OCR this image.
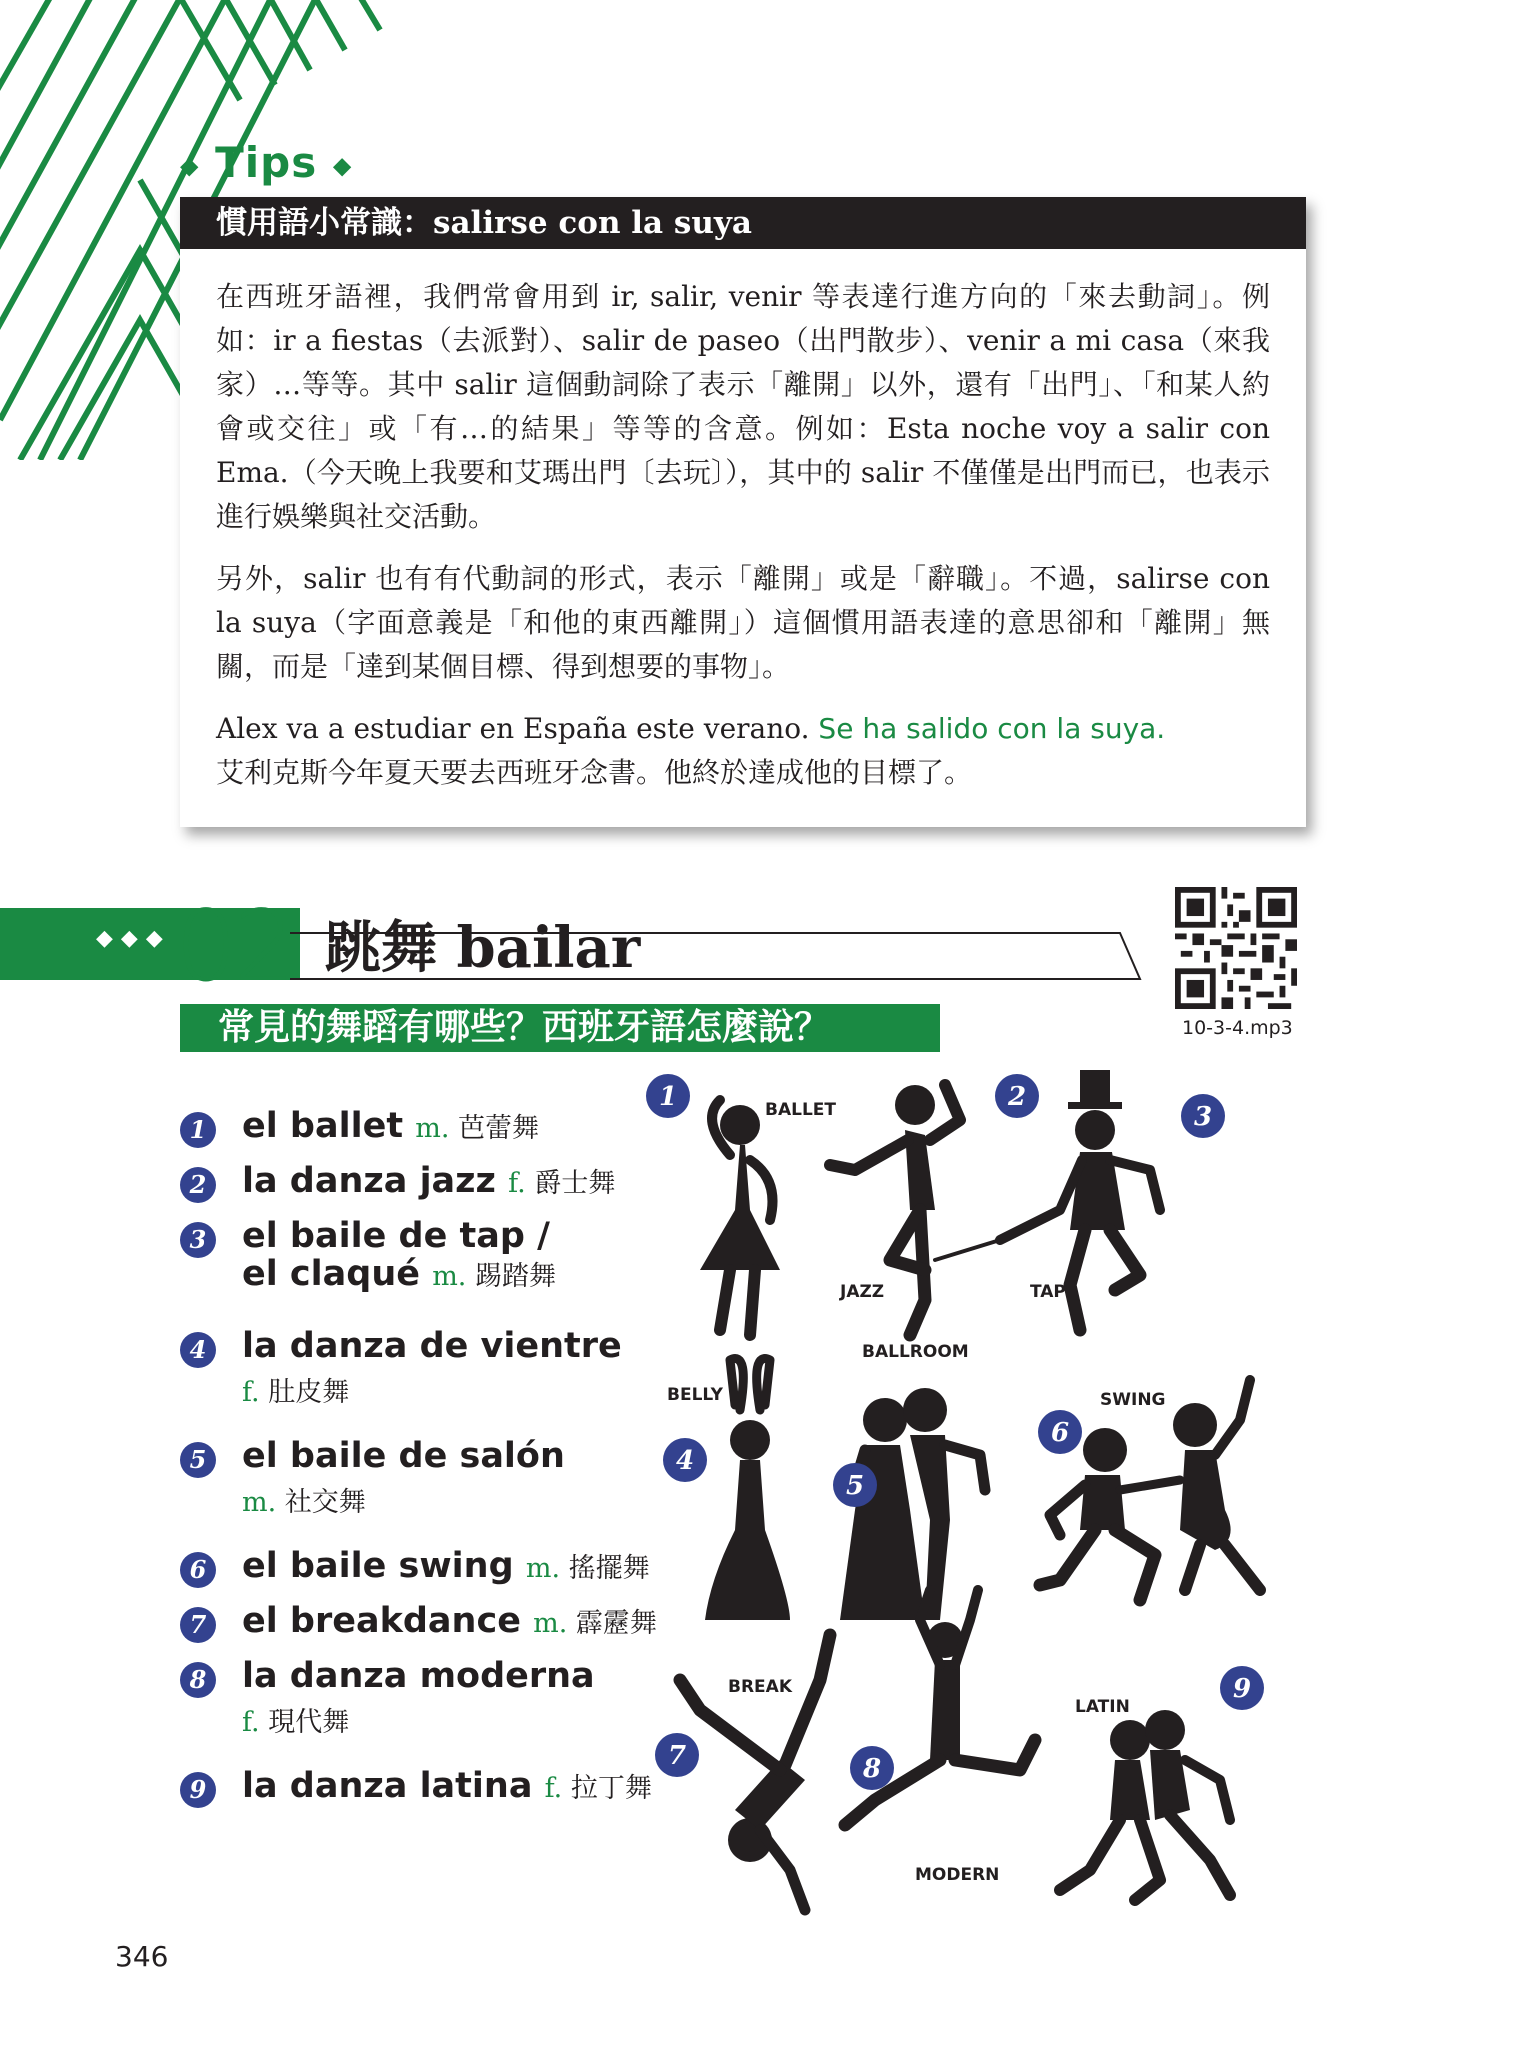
◆ Tips ◆
慣用語小常識：salirse con la suya

在西班牙語裡，我們常會用到 ir, salir, venir 等表達行進方向的「來去動詞」。例如：ir a fiestas（去派對）、salir de paseo（出門散步）、venir a mi casa（來我家）…等等。其中 salir 這個動詞除了表示「離開」以外，還有「出門」、「和某人約會或交往」或「有…的結果」等等的含意。例如：Esta noche voy a salir con Ema.（今天晚上我要和艾瑪出門〔去玩〕），其中的 salir 不僅僅是出門而已，也表示進行娛樂與社交活動。

另外，salir 也有有代動詞的形式，表示「離開」或是「辭職」。不過，salirse con la suya（字面意義是「和他的東西離開」）這個慣用語表達的意思卻和「離開」無關，而是「達到某個目標、得到想要的事物」。

Alex va a estudiar en España este verano. Se ha salido con la suya.
艾利克斯今年夏天要去西班牙念書。他終於達成他的目標了。

◆◆◆ 02 跳舞 bailar
10-3-4.mp3
常見的舞蹈有哪些？西班牙語怎麼說？
1 el ballet m. 芭蕾舞
2 la danza jazz f. 爵士舞
3 el baile de tap /
el claqué m. 踢踏舞
4 la danza de vientre
f. 肚皮舞
5 el baile de salón
m. 社交舞
6 el baile swing m. 搖擺舞
7 el breakdance m. 霹靂舞
8 la danza moderna
f. 現代舞
9 la danza latina f. 拉丁舞
BALLET
JAZZ	TAP
BALLROOM
BELLY	SWING
BREAK
LATIN
MODERN
1	2
3
4
5
6
7	8
9
346
